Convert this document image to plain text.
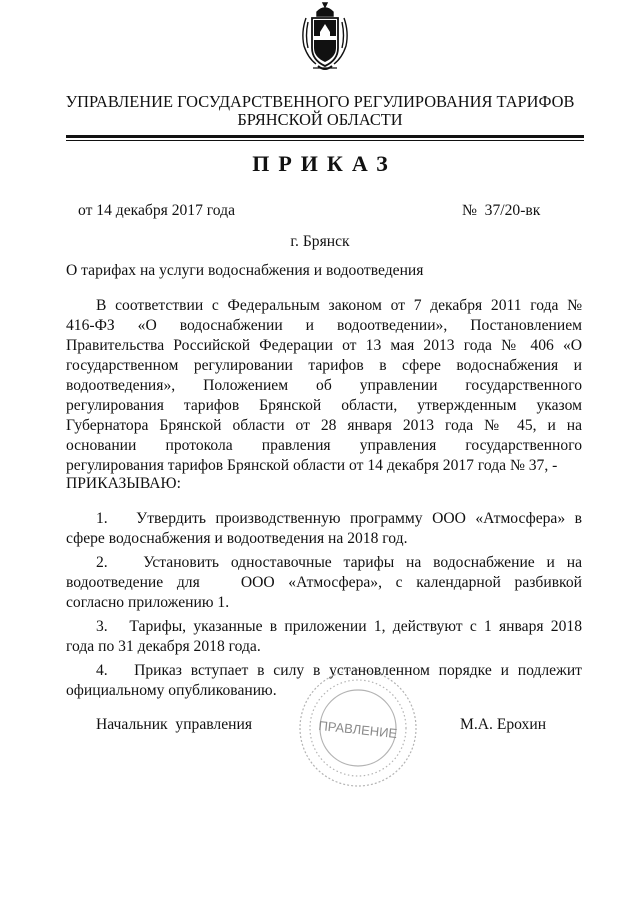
УПРАВЛЕНИЕ ГОСУДАРСТВЕННОГО РЕГУЛИРОВАНИЯ ТАРИФОВ
БРЯНСКОЙ ОБЛАСТИ
ПРИКАЗ
от 14 декабря 2017 года	№  37/20-вк
г. Брянск
О тарифах на услуги водоснабжения и водоотведения
В соответствии с Федеральным законом от 7 декабря 2011 года №
416-ФЗ «О водоснабжении и водоотведении», Постановлением
Правительства Российской Федерации от 13 мая 2013 года № 406 «О
государственном регулировании тарифов в сфере водоснабжения и
водоотведения», Положением об управлении государственного
регулирования тарифов Брянской области, утвержденным указом
Губернатора Брянской области от 28 января 2013 года № 45, и на
основании протокола правления управления государственного
регулирования тарифов Брянской области от 14 декабря 2017 года № 37, -
ПРИКАЗЫВАЮ:
1.   Утвердить производственную программу ООО «Атмосфера» в
сфере водоснабжения и водоотведения на 2018 год.
2.   Установить одноставочные тарифы на водоснабжение и на
водоотведение для   ООО «Атмосфера», с календарной разбивкой
согласно приложению 1.
3.   Тарифы, указанные в приложении 1, действуют с 1 января 2018
года по 31 декабря 2018 года.
4.   Приказ вступает в силу в установленном порядке и подлежит
официальному опубликованию.
Начальник  управления	М.А. Ерохин
ПРАВЛЕНИЕ
